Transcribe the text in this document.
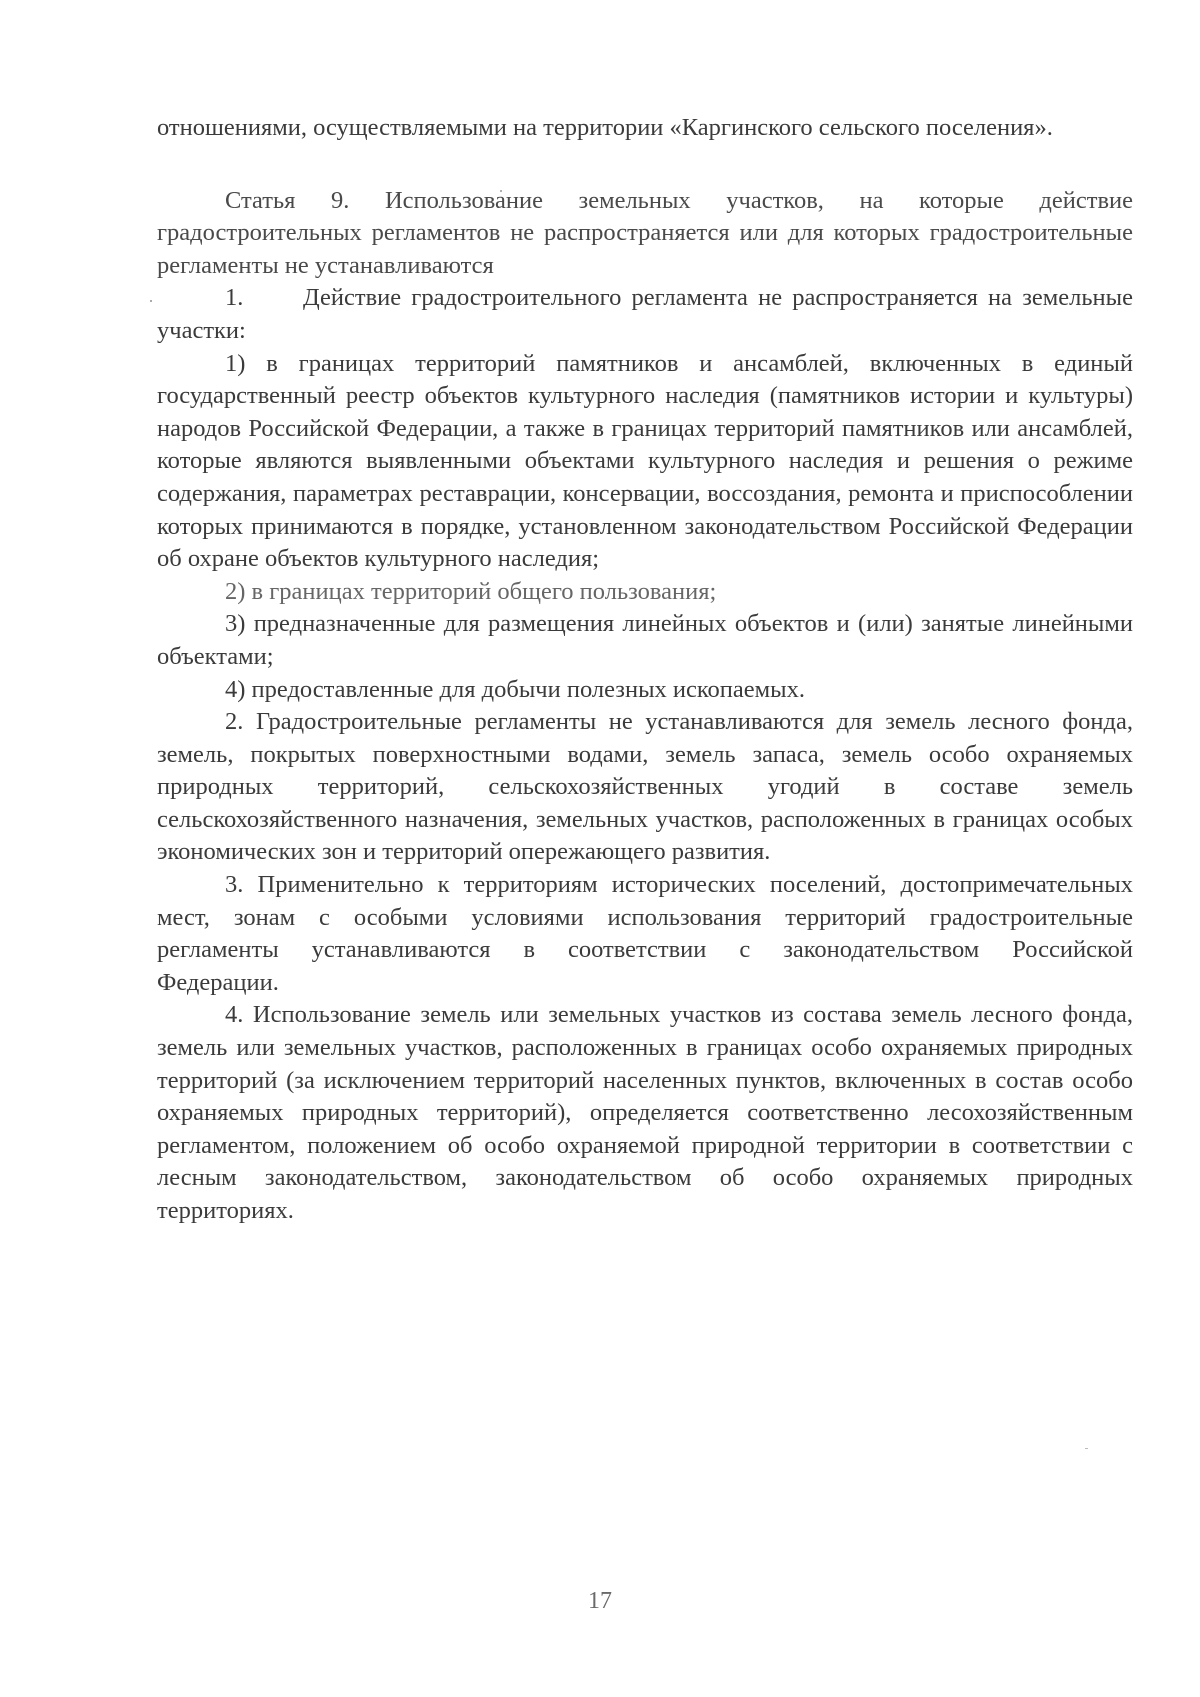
отношениями, осуществляемыми на территории «Каргинского сельского поселения».

Статья 9. Использование земельных участков, на которые действие градостроительных регламентов не распространяется или для которых градостроительные регламенты не устанавливаются

1. Действие градостроительного регламента не распространяется на земельные участки:

1) в границах территорий памятников и ансамблей, включенных в единый государственный реестр объектов культурного наследия (памятников истории и культуры) народов Российской Федерации, а также в границах территорий памятников или ансамблей, которые являются выявленными объектами культурного наследия и решения о режиме содержания, параметрах реставрации, консервации, воссоздания, ремонта и приспособлении которых принимаются в порядке, установленном законодательством Российской Федерации об охране объектов культурного наследия;

2) в границах территорий общего пользования;

3) предназначенные для размещения линейных объектов и (или) занятые линейными объектами;

4) предоставленные для добычи полезных ископаемых.

2. Градостроительные регламенты не устанавливаются для земель лесного фонда, земель, покрытых поверхностными водами, земель запаса, земель особо охраняемых природных территорий, сельскохозяйственных угодий в составе земель сельскохозяйственного назначения, земельных участков, расположенных в границах особых экономических зон и территорий опережающего развития.

3. Применительно к территориям исторических поселений, достопримечательных мест, зонам с особыми условиями использования территорий градостроительные регламенты устанавливаются в соответствии с законодательством Российской Федерации.

4. Использование земель или земельных участков из состава земель лесного фонда, земель или земельных участков, расположенных в границах особо охраняемых природных территорий (за исключением территорий населенных пунктов, включенных в состав особо охраняемых природных территорий), определяется соответственно лесохозяйственным регламентом, положением об особо охраняемой природной территории в соответствии с лесным законодательством, законодательством об особо охраняемых природных территориях.

17
